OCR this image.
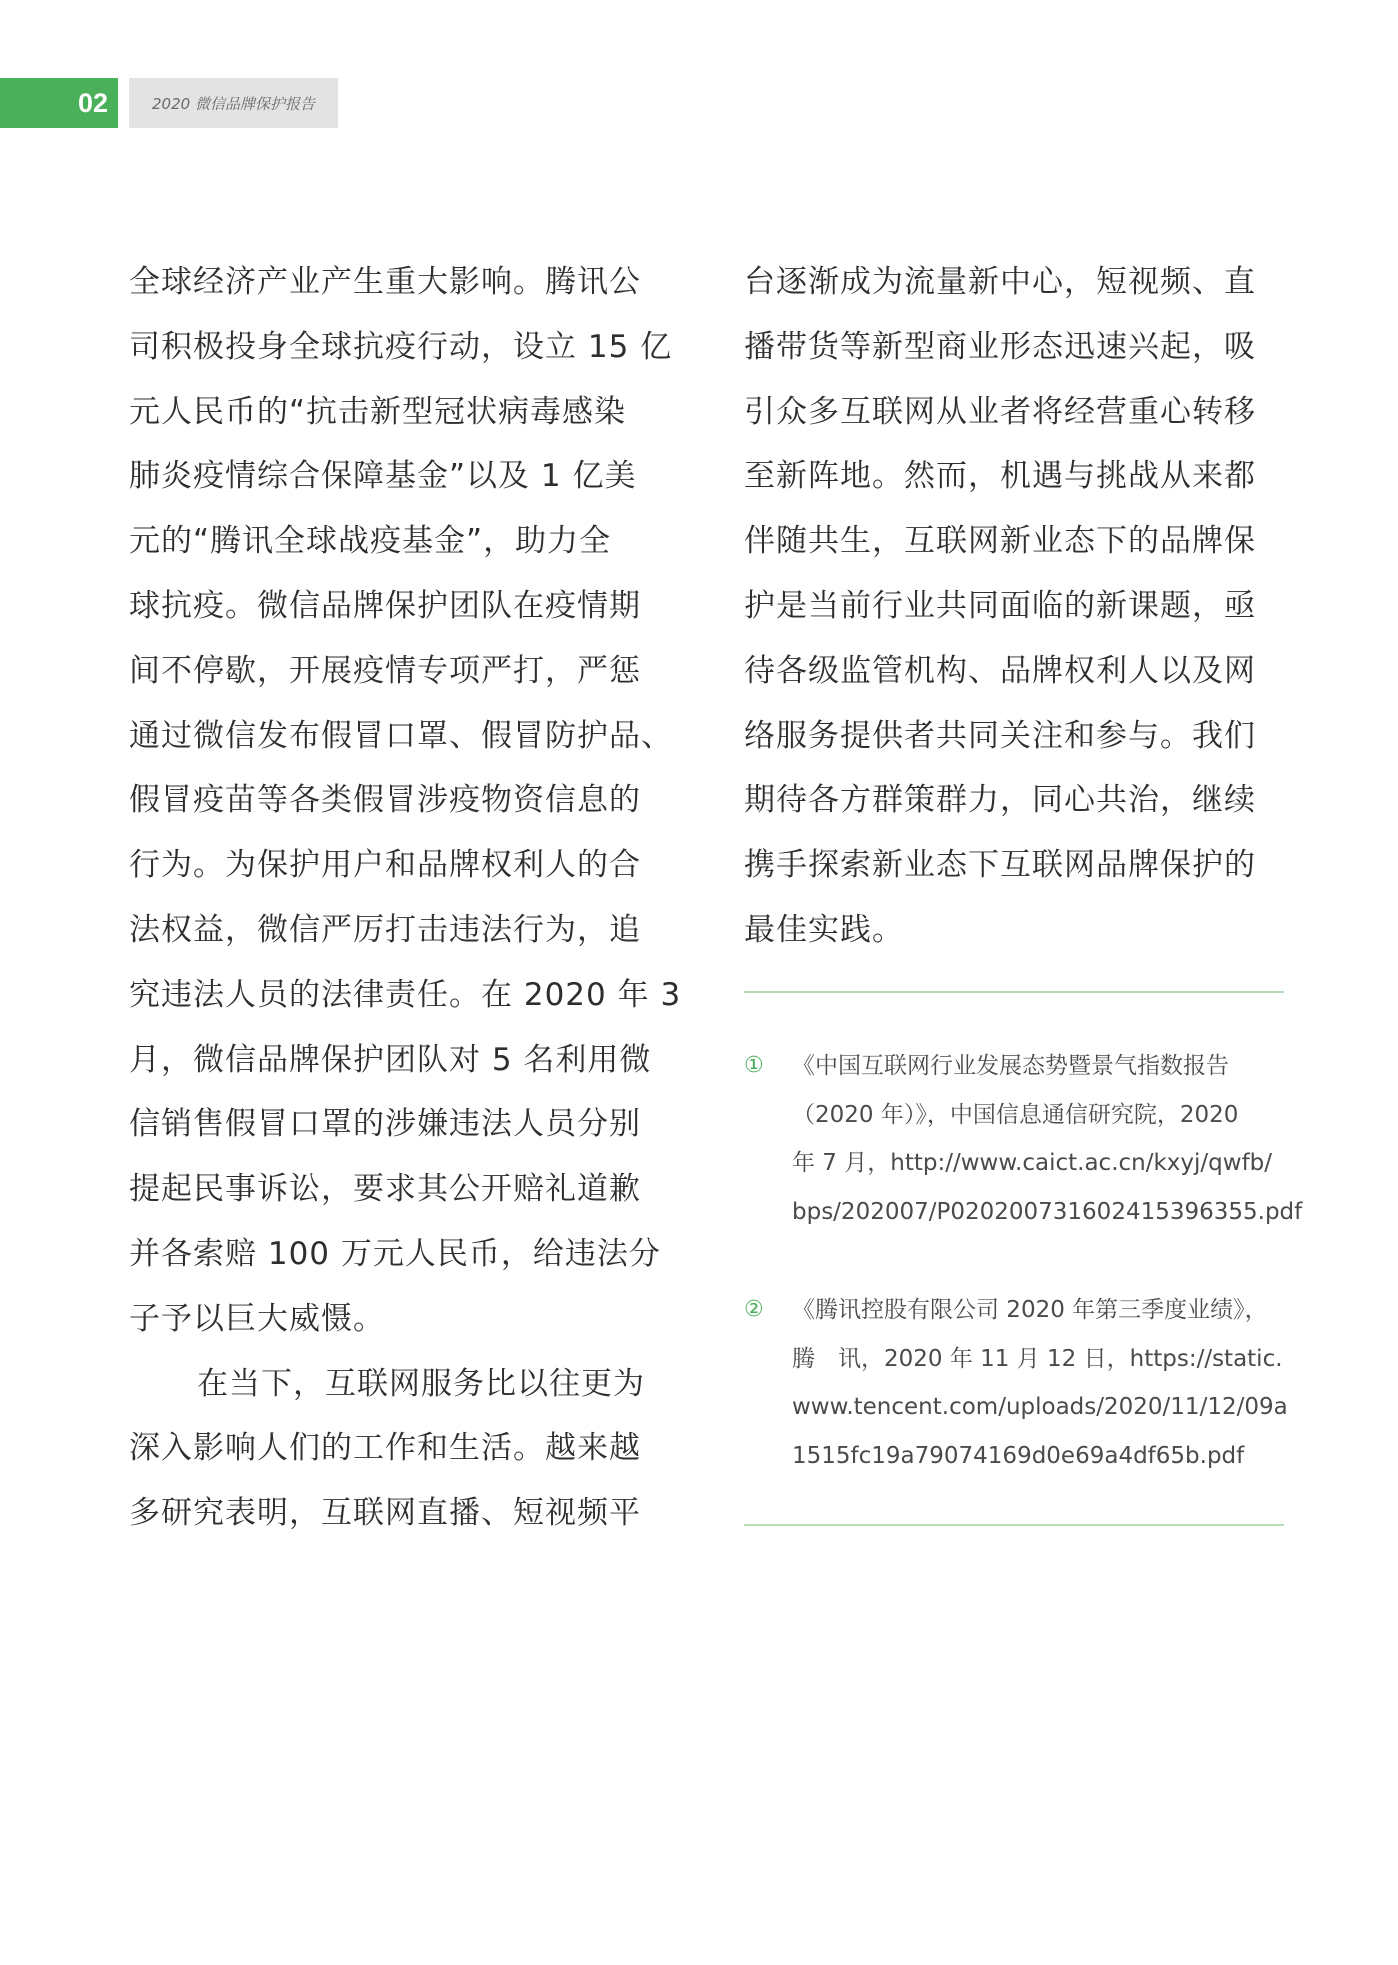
02	2020 微信品牌保护报告
全球经济产业产生重大影响。腾讯公
司积极投身全球抗疫行动，设立 15 亿
元人民币的“抗击新型冠状病毒感染
肺炎疫情综合保障基金”以及 1 亿美
元的“腾讯全球战疫基金”，助力全
球抗疫。微信品牌保护团队在疫情期
间不停歇，开展疫情专项严打，严惩
通过微信发布假冒口罩、假冒防护品、
假冒疫苗等各类假冒涉疫物资信息的
行为。为保护用户和品牌权利人的合
法权益，微信严厉打击违法行为，追
究违法人员的法律责任。在 2020 年 3
月，微信品牌保护团队对 5 名利用微
信销售假冒口罩的涉嫌违法人员分别
提起民事诉讼，要求其公开赔礼道歉
并各索赔 100 万元人民币，给违法分
子予以巨大威慑。
在当下，互联网服务比以往更为
深入影响人们的工作和生活。越来越
多研究表明，互联网直播、短视频平
台逐渐成为流量新中心，短视频、直
播带货等新型商业形态迅速兴起，吸
引众多互联网从业者将经营重心转移
至新阵地。然而，机遇与挑战从来都
伴随共生，互联网新业态下的品牌保
护是当前行业共同面临的新课题，亟
待各级监管机构、品牌权利人以及网
络服务提供者共同关注和参与。我们
期待各方群策群力，同心共治，继续
携手探索新业态下互联网品牌保护的
最佳实践。
① 《中国互联网行业发展态势暨景气指数报告
（2020 年）》，中国信息通信研究院，2020
年 7 月，http://www.caict.ac.cn/kxyj/qwfb/
bps/202007/P020200731602415396355.pdf
② 《腾讯控股有限公司 2020 年第三季度业绩》，
腾　讯，2020 年 11 月 12 日，https://static.
www.tencent.com/uploads/2020/11/12/09a
1515fc19a79074169d0e69a4df65b.pdf
